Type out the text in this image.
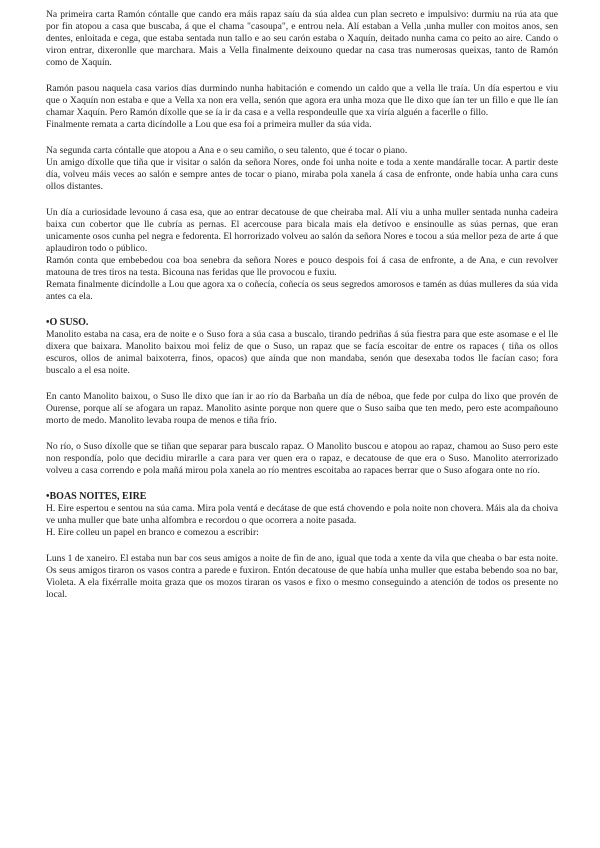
Na primeira carta Ramón cóntalle que cando era máis rapaz saíu da súa aldea cun plan secreto e impulsivo: durmiu na rúa ata que por fin atopou a casa que buscaba, á que el chama "casoupa", e entrou nela. Alí estaban a Vella ,unha muller con moitos anos, sen dentes, enloitada e cega, que estaba sentada nun tallo e ao seu carón estaba o Xaquín, deitado nunha cama co peito ao aire. Cando o viron entrar, dixeronlle que marchara. Mais a Vella finalmente deixouno quedar na casa tras numerosas queixas, tanto de Ramón como de Xaquín.

Ramón pasou naquela casa varios días durmindo nunha habitación e comendo un caldo que a vella lle traía. Un día espertou e viu que o Xaquín non estaba e que a Vella xa non era vella, senón que agora era unha moza que lle dixo que ían ter un fillo e que lle ían chamar Xaquín. Pero Ramón díxolle que se ía ir da casa e a vella respondeulle que xa viría alguén a facerlle o fillo.

Finalmente remata a carta dicíndolle a Lou que esa foi a primeira muller da súa vida.

Na segunda carta cóntalle que atopou a Ana e o seu camiño, o seu talento, que é tocar o piano.

Un amigo díxolle que tiña que ir visitar o salón da señora Nores, onde foi unha noite e toda a xente mandáralle tocar. A partir deste día, volveu máis veces ao salón e sempre antes de tocar o piano, miraba pola xanela á casa de enfronte, onde había unha cara cuns ollos distantes.

Un día a curiosidade levouno á casa esa, que ao entrar decatouse de que cheiraba mal. Alí viu a unha muller sentada nunha cadeira baixa cun cobertor que lle cubría as pernas. El acercouse para bicala mais ela detívoo e ensinoulle as súas pernas, que eran unicamente osos cunha pel negra e fedorenta. El horrorizado volveu ao salón da señora Nores e tocou a súa mellor peza de arte á que aplaudiron todo o público.

Ramón conta que embebedou coa boa senebra da señora Nores e pouco despois foi á casa de enfronte, a de Ana, e cun revolver matouna de tres tiros na testa. Bicouna nas feridas que lle provocou e fuxiu.

Remata finalmente dicíndolle a Lou que agora xa o coñecía, coñecía os seus segredos amorosos e tamén as dúas mulleres da súa vida antes ca ela.

•O SUSO.

Manolito estaba na casa, era de noite e o Suso fora a súa casa a buscalo, tirando pedriñas á súa fiestra para que este asomase e el lle dixera que baixara. Manolito baixou moi feliz de que o Suso, un rapaz que se facía escoitar de entre os rapaces ( tiña os ollos escuros, ollos de animal baixoterra, finos, opacos) que aínda que non mandaba, senón que desexaba todos lle facían caso; fora buscalo a el esa noite.

En canto Manolito baixou, o Suso lle dixo que ían ir ao río da Barbaña un día de néboa, que fede por culpa do lixo que provén de Ourense, porque alí se afogara un rapaz. Manolito asinte porque non quere que o Suso saiba que ten medo, pero este acompañouno morto de medo. Manolito levaba roupa de menos e tiña frío.

No río, o Suso díxolle que se tiñan que separar para buscalo rapaz. O Manolito buscou e atopou ao rapaz, chamou ao Suso pero este non respondía, polo que decidiu mirarlle a cara para ver quen era o rapaz, e decatouse de que era o Suso. Manolito aterrorizado volveu a casa correndo e pola mañá mirou pola xanela ao río mentres escoitaba ao rapaces berrar que o Suso afogara onte no río.

•BOAS NOITES, EIRE

H. Eire espertou e sentou na súa cama. Mira pola ventá e decátase de que está chovendo e pola noite non chovera. Máis ala da choiva ve unha muller que bate unha alfombra e recordou o que ocorrera a noite pasada.

H. Eire colleu un papel en branco e comezou a escribir:

Luns 1 de xaneiro. El estaba nun bar cos seus amigos a noite de fin de ano, igual que toda a xente da vila que cheaba o bar esta noite. Os seus amigos tiraron os vasos contra a parede e fuxiron. Entón decatouse de que había unha muller que estaba bebendo soa no bar, Violeta. A ela fixérralle moita graza que os mozos tiraran os vasos e fixo o mesmo conseguindo a atención de todos os presente no local.
